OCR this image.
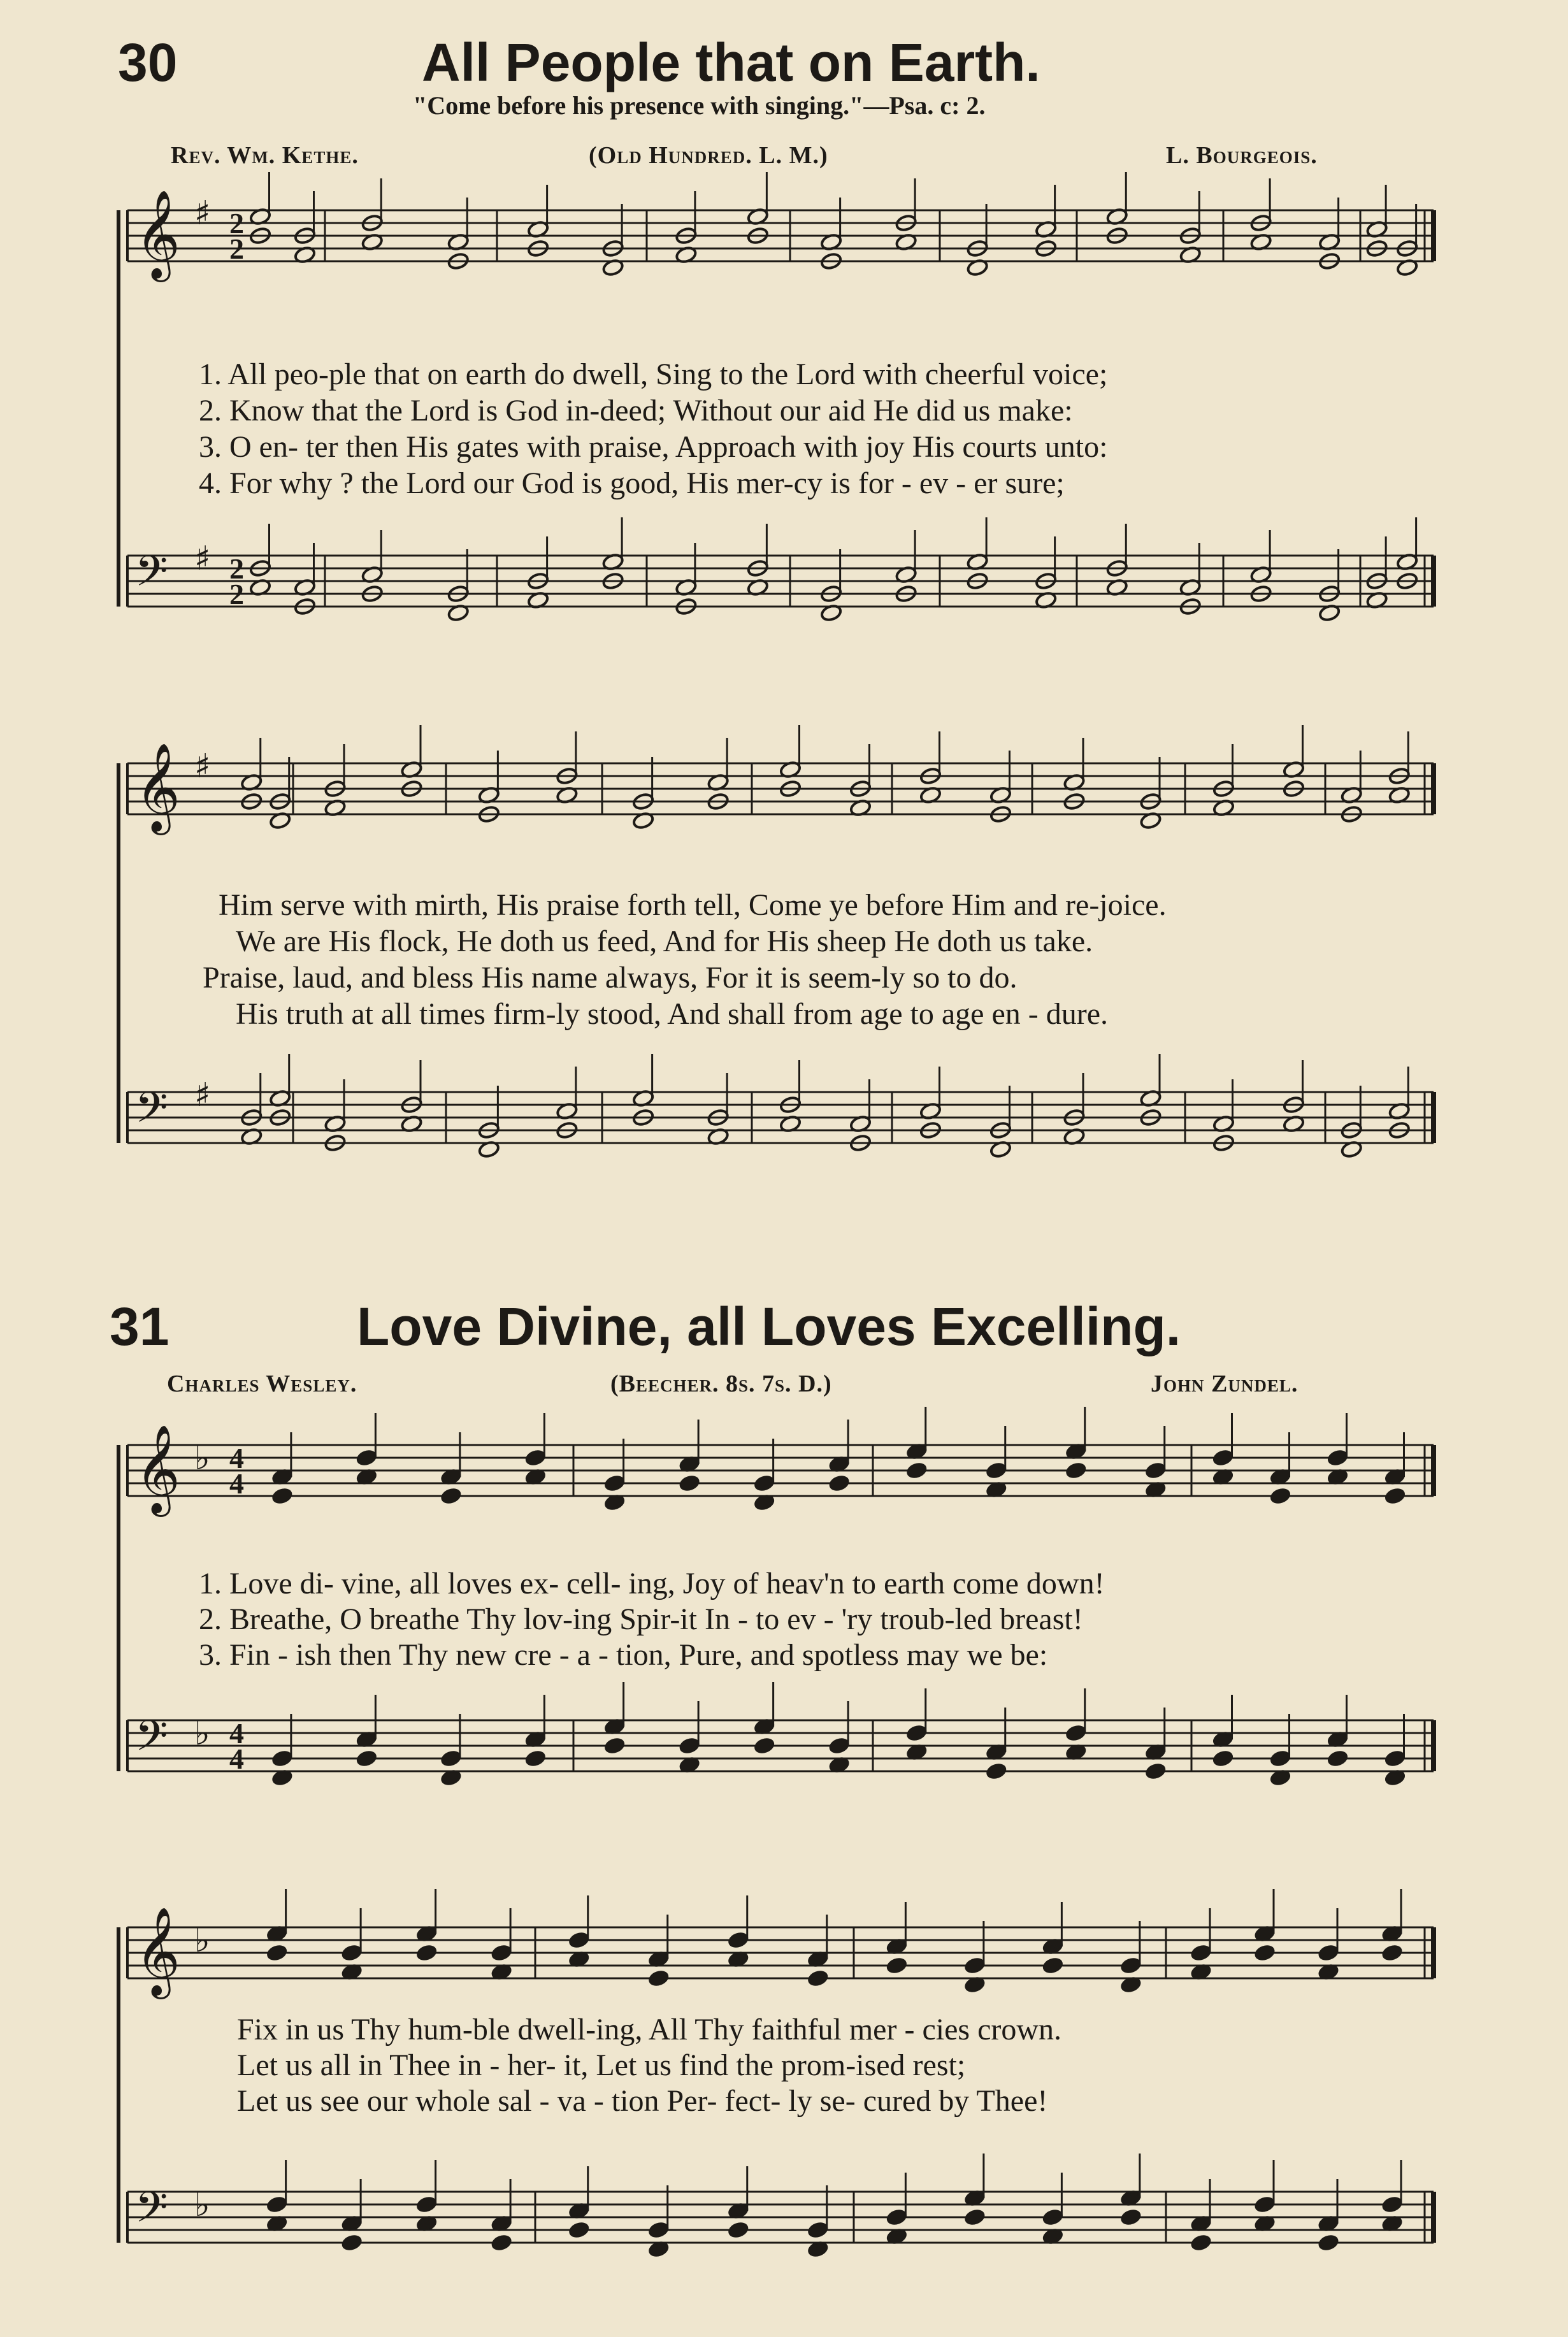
30	All People that on Earth.
"Come before his presence with singing."—Psa. c: 2.
Rev. Wm. Kethe.	(Old Hundred. L. M.)	L. Bourgeois.
1. All peo-ple that on earth do dwell, Sing to the Lord with cheerful voice;
2. Know that the Lord is God in-deed; Without our aid He did us make:
3. O en- ter then His gates with praise, Approach with joy His courts unto:
4. For why ? the Lord our God is good, His mer-cy is for - ev - er sure;
Him serve with mirth, His praise forth tell, Come ye before Him and re-joice.
We are His flock, He doth us feed, And for His sheep He doth us take.
Praise, laud, and bless His name always, For it is seem-ly so to do.
His truth at all times firm-ly stood, And shall from age to age en - dure.
31	Love Divine, all Loves Excelling.
Charles Wesley.	(Beecher. 8s. 7s. D.)	John Zundel.
1. Love di- vine, all loves ex- cell- ing, Joy of heav'n to earth come down!
2. Breathe, O breathe Thy lov-ing Spir-it In - to ev - 'ry troub-led breast!
3. Fin - ish then Thy new cre - a - tion, Pure, and spotless may we be:
Fix in us Thy hum-ble dwell-ing, All Thy faithful mer - cies crown.
Let us all in Thee in - her- it, Let us find the prom-ised rest;
Let us see our whole sal - va - tion Per- fect- ly se- cured by Thee!
𝄞 ♯
𝄢 ♯
𝄞 ♯
𝄢 ♯
𝄞 ♭
𝄢 ♭
𝄞 ♭
𝄢 ♭
2
2
2
2
4
4
4
4
